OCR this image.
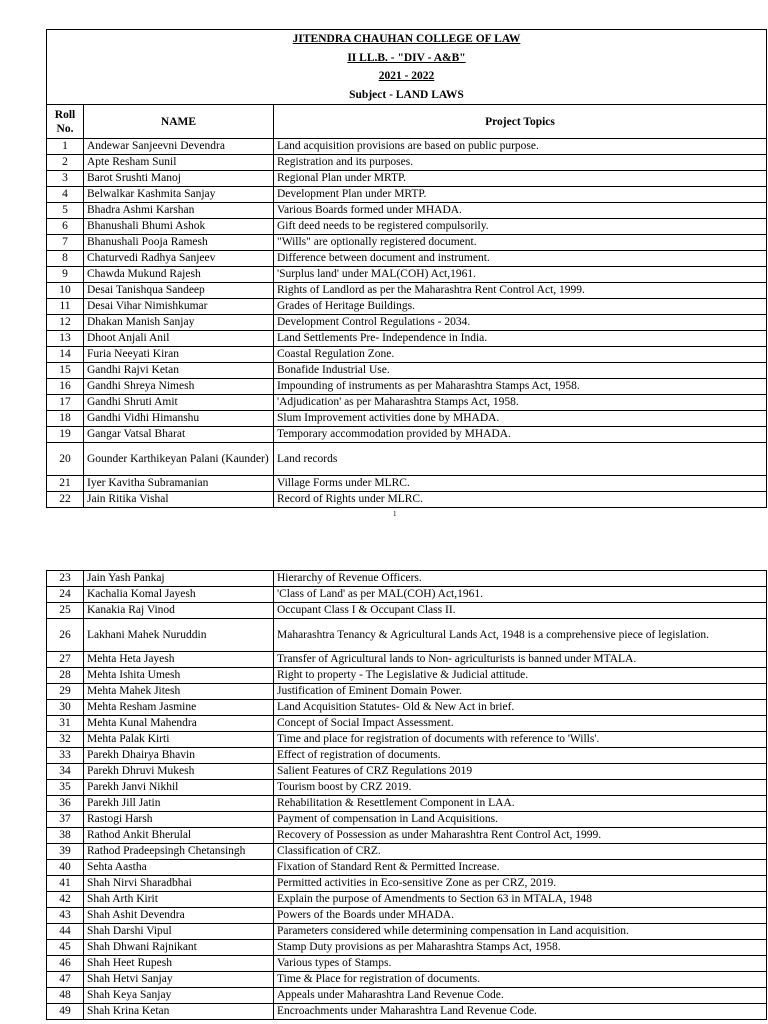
JITENDRA CHAUHAN COLLEGE OF LAW
II LL.B. - "DIV - A&B"
2021 - 2022
Subject - LAND LAWS		

Roll No.	NAME	Project Topics
1	Andewar Sanjeevni Devendra	Land acquisition provisions are based on public purpose.
2	Apte Resham Sunil	Registration and its purposes.
3	Barot Srushti Manoj	Regional Plan under MRTP.
4	Belwalkar Kashmita Sanjay	Development Plan under MRTP.
5	Bhadra Ashmi Karshan	Various Boards formed under MHADA.
6	Bhanushali Bhumi Ashok	Gift deed needs to be registered compulsorily.
7	Bhanushali Pooja Ramesh	"Wills" are optionally registered document.
8	Chaturvedi Radhya Sanjeev	Difference between document and instrument.
9	Chawda Mukund Rajesh	'Surplus land' under MAL(COH) Act,1961.
10	Desai Tanishqua Sandeep	Rights of Landlord as per the Maharashtra Rent Control Act, 1999.
11	Desai Vihar Nimishkumar	Grades of Heritage Buildings.
12	Dhakan Manish Sanjay	Development Control Regulations - 2034.
13	Dhoot Anjali Anil	Land Settlements Pre- Independence in India.
14	Furia Neeyati Kiran	Coastal Regulation Zone.
15	Gandhi Rajvi Ketan	Bonafide Industrial Use.
16	Gandhi Shreya Nimesh	Impounding of instruments as per Maharashtra Stamps Act, 1958.
17	Gandhi Shruti Amit	'Adjudication' as per Maharashtra Stamps Act, 1958.
18	Gandhi Vidhi Himanshu	Slum Improvement activities done by MHADA.
19	Gangar Vatsal Bharat	Temporary accommodation provided by MHADA.
20	Gounder Karthikeyan Palani (Kaunder)	Land records
21	Iyer Kavitha Subramanian	Village Forms under MLRC.
22	Jain Ritika Vishal	Record of Rights under MLRC.
1
23	Jain Yash Pankaj	Hierarchy of Revenue Officers.
24	Kachalia Komal Jayesh	'Class of Land' as per MAL(COH) Act,1961.
25	Kanakia Raj Vinod	Occupant Class I & Occupant Class II.
26	Lakhani Mahek Nuruddin	Maharashtra Tenancy & Agricultural Lands Act, 1948 is a comprehensive piece of legislation.
27	Mehta Heta Jayesh	Transfer of Agricultural lands to Non- agriculturists is banned under MTALA.
28	Mehta Ishita Umesh	Right to property - The Legislative & Judicial attitude.
29	Mehta Mahek Jitesh	Justification of Eminent Domain Power.
30	Mehta Resham Jasmine	Land Acquisition Statutes- Old & New Act in brief.
31	Mehta Kunal Mahendra	Concept of Social Impact Assessment.
32	Mehta Palak Kirti	Time and place for registration of documents with reference to 'Wills'.
33	Parekh Dhairya Bhavin	Effect of registration of documents.
34	Parekh Dhruvi Mukesh	Salient Features of CRZ Regulations 2019
35	Parekh Janvi Nikhil	Tourism boost by CRZ 2019.
36	Parekh Jill Jatin	Rehabilitation & Resettlement Component in LAA.
37	Rastogi Harsh	Payment of compensation in Land Acquisitions.
38	Rathod Ankit Bherulal	Recovery of Possession as under Maharashtra Rent Control Act, 1999.
39	Rathod Pradeepsingh Chetansingh	Classification of CRZ.
40	Sehta Aastha	Fixation of Standard Rent & Permitted Increase.
41	Shah Nirvi Sharadbhai	Permitted activities in Eco-sensitive Zone as per CRZ, 2019.
42	Shah Arth Kirit	Explain the purpose of Amendments to Section 63 in MTALA, 1948
43	Shah Ashit Devendra	Powers of the Boards under MHADA.
44	Shah Darshi Vipul	Parameters considered while determining compensation in Land acquisition.
45	Shah Dhwani Rajnikant	Stamp Duty provisions as per Maharashtra Stamps Act, 1958.
46	Shah Heet Rupesh	Various types of Stamps.
47	Shah Hetvi Sanjay	Time & Place for registration of documents.
48	Shah Keya Sanjay	Appeals under Maharashtra Land Revenue Code.
49	Shah Krina Ketan	Encroachments under Maharashtra Land Revenue Code.
